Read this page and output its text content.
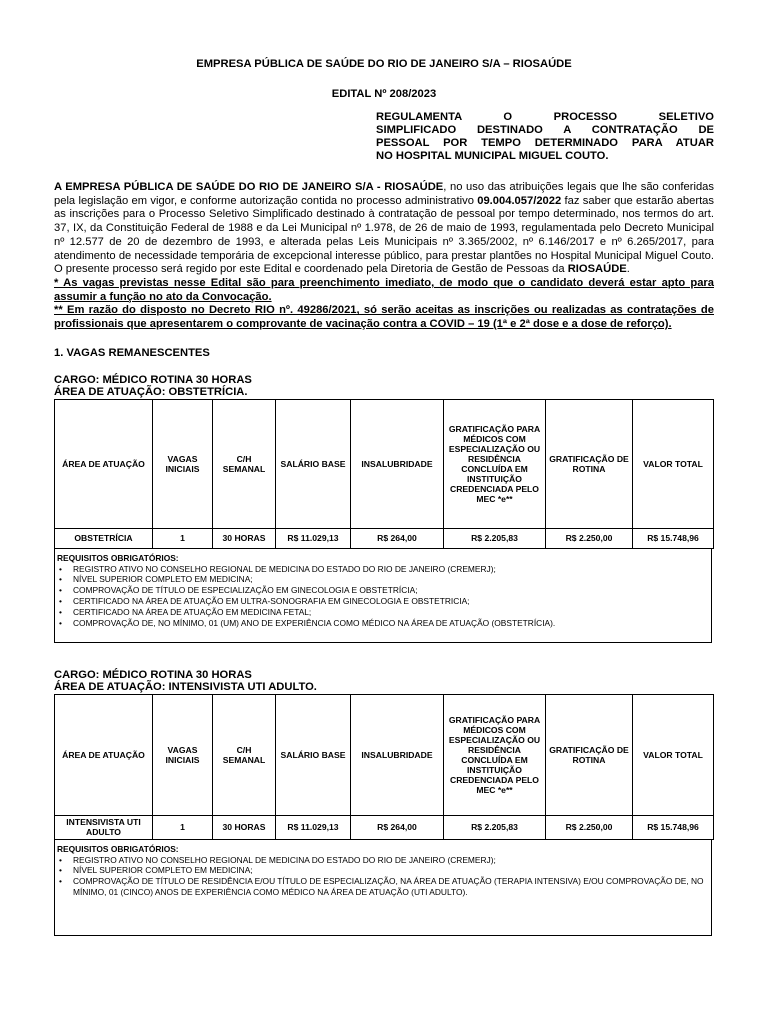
EMPRESA PÚBLICA DE SAÚDE DO RIO DE JANEIRO S/A – RIOSAÚDE
EDITAL Nº 208/2023
REGULAMENTA O PROCESSO SELETIVO
SIMPLIFICADO DESTINADO A CONTRATAÇÃO DE
PESSOAL POR TEMPO DETERMINADO PARA ATUAR
NO HOSPITAL MUNICIPAL MIGUEL COUTO.
A EMPRESA PÚBLICA DE SAÚDE DO RIO DE JANEIRO S/A - RIOSAÚDE, no uso das atribuições legais que lhe são conferidas pela legislação em vigor, e conforme autorização contida no processo administrativo 09.004.057/2022 faz saber que estarão abertas as inscrições para o Processo Seletivo Simplificado destinado à contratação de pessoal por tempo determinado, nos termos do art. 37, IX, da Constituição Federal de 1988 e da Lei Municipal nº 1.978, de 26 de maio de 1993, regulamentada pelo Decreto Municipal nº 12.577 de 20 de dezembro de 1993, e alterada pelas Leis Municipais nº 3.365/2002, nº 6.146/2017 e nº 6.265/2017, para atendimento de necessidade temporária de excepcional interesse público, para prestar plantões no Hospital Municipal Miguel Couto. O presente processo será regido por este Edital e coordenado pela Diretoria de Gestão de Pessoas da RIOSAÚDE.
* As vagas previstas nesse Edital são para preenchimento imediato, de modo que o candidato deverá estar apto para assumir a função no ato da Convocação.
** Em razão do disposto no Decreto RIO nº. 49286/2021, só serão aceitas as inscrições ou realizadas as contratações de profissionais que apresentarem o comprovante de vacinação contra a COVID – 19 (1ª e 2ª dose e a dose de reforço).
1. VAGAS REMANESCENTES
CARGO: MÉDICO ROTINA 30 HORAS
ÁREA DE ATUAÇÃO: OBSTETRÍCIA.
ÁREA DE ATUAÇÃO	VAGAS INICIAIS	C/H SEMANAL	SALÁRIO BASE	INSALUBRIDADE	GRATIFICAÇÃO PARA MÉDICOS COM ESPECIALIZAÇÃO OU RESIDÊNCIA CONCLUÍDA EM INSTITUIÇÃO CREDENCIADA PELO MEC *e**	GRATIFICAÇÃO DE ROTINA	VALOR TOTAL
OBSTETRÍCIA	1	30 HORAS	R$ 11.029,13	R$ 264,00	R$ 2.205,83	R$ 2.250,00	R$ 15.748,96
REQUISITOS OBRIGATÓRIOS:
• REGISTRO ATIVO NO CONSELHO REGIONAL DE MEDICINA DO ESTADO DO RIO DE JANEIRO (CREMERJ);
• NÍVEL SUPERIOR COMPLETO EM MEDICINA;
• COMPROVAÇÃO DE TÍTULO DE ESPECIALIZAÇÃO EM GINECOLOGIA E OBSTETRÍCIA;
• CERTIFICADO NA ÁREA DE ATUAÇÃO EM ULTRA-SONOGRAFIA EM GINECOLOGIA E OBSTETRICIA;
• CERTIFICADO NA ÁREA DE ATUAÇÃO EM MEDICINA FETAL;
• COMPROVAÇÃO DE, NO MÍNIMO, 01 (UM) ANO DE EXPERIÊNCIA COMO MÉDICO NA ÁREA DE ATUAÇÃO (OBSTETRÍCIA).
CARGO: MÉDICO ROTINA 30 HORAS
ÁREA DE ATUAÇÃO: INTENSIVISTA UTI ADULTO.
ÁREA DE ATUAÇÃO	VAGAS INICIAIS	C/H SEMANAL	SALÁRIO BASE	INSALUBRIDADE	GRATIFICAÇÃO PARA MÉDICOS COM ESPECIALIZAÇÃO OU RESIDÊNCIA CONCLUÍDA EM INSTITUIÇÃO CREDENCIADA PELO MEC *e**	GRATIFICAÇÃO DE ROTINA	VALOR TOTAL
INTENSIVISTA UTI ADULTO	1	30 HORAS	R$ 11.029,13	R$ 264,00	R$ 2.205,83	R$ 2.250,00	R$ 15.748,96
REQUISITOS OBRIGATÓRIOS:
• REGISTRO ATIVO NO CONSELHO REGIONAL DE MEDICINA DO ESTADO DO RIO DE JANEIRO (CREMERJ);
• NÍVEL SUPERIOR COMPLETO EM MEDICINA;
• COMPROVAÇÃO DE TÍTULO DE RESIDÊNCIA E/OU TÍTULO DE ESPECIALIZAÇÃO, NA ÁREA DE ATUAÇÃO (TERAPIA INTENSIVA) E/OU COMPROVAÇÃO DE, NO MÍNIMO, 01 (CINCO) ANOS DE EXPERIÊNCIA COMO MÉDICO NA ÁREA DE ATUAÇÃO (UTI ADULTO).
